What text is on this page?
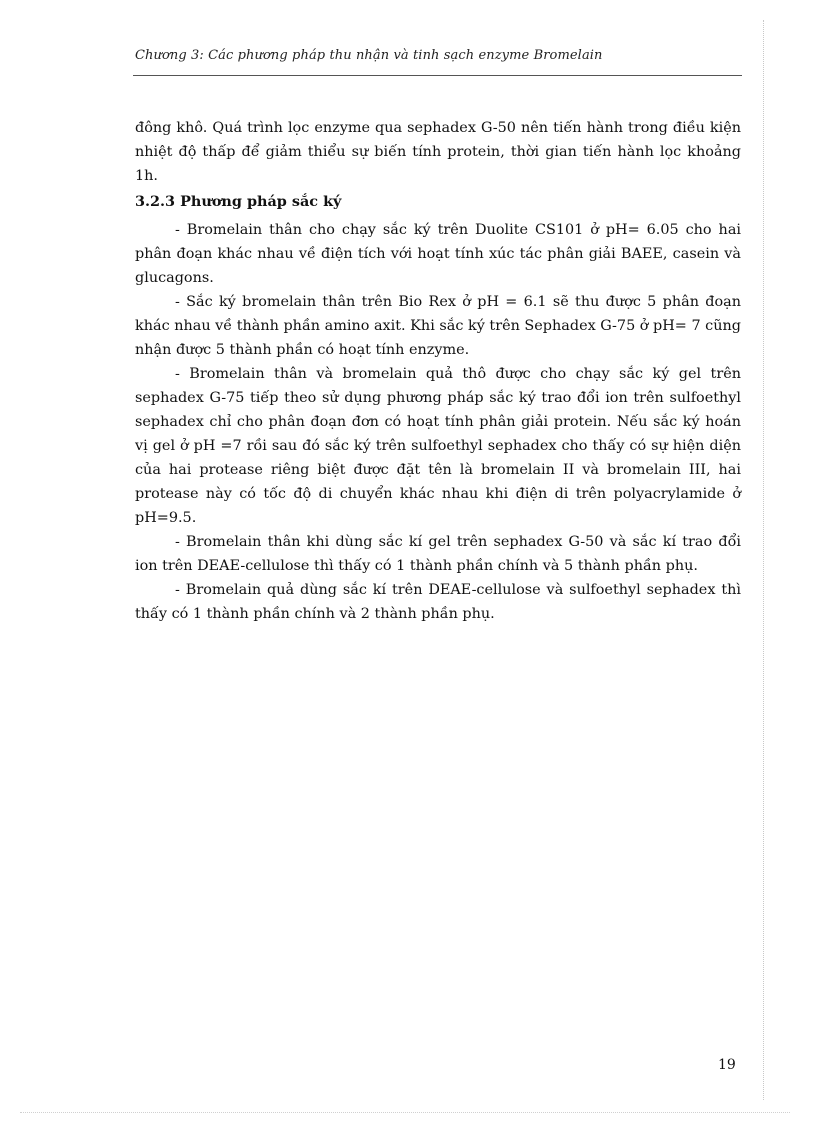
Chương 3: Các phương pháp thu nhận và tinh sạch enzyme Bromelain

đông khô. Quá trình lọc enzyme qua sephadex G-50 nên tiến hành trong điều kiện nhiệt độ thấp để giảm thiểu sự biến tính protein, thời gian tiến hành lọc khoảng 1h.

3.2.3 Phương pháp sắc ký

- Bromelain thân cho chạy sắc ký trên Duolite CS101 ở pH= 6.05 cho hai phân đoạn khác nhau về điện tích với hoạt tính xúc tác phân giải BAEE, casein và glucagons.

- Sắc ký bromelain thân trên Bio Rex ở pH = 6.1 sẽ thu được 5 phân đoạn khác nhau về thành phần amino axit. Khi sắc ký trên Sephadex G-75 ở pH= 7 cũng nhận được 5 thành phần có hoạt tính enzyme.

- Bromelain thân và bromelain quả thô được cho chạy sắc ký gel trên sephadex G-75 tiếp theo sử dụng phương pháp sắc ký trao đổi ion trên sulfoethyl sephadex chỉ cho phân đoạn đơn có hoạt tính phân giải protein. Nếu sắc ký hoán vị gel ở pH =7 rồi sau đó sắc ký trên sulfoethyl sephadex cho thấy có sự hiện diện của hai protease riêng biệt được đặt tên là bromelain II và bromelain III, hai protease này có tốc độ di chuyển khác nhau khi điện di trên polyacrylamide ở pH=9.5.

- Bromelain thân khi dùng sắc kí gel trên sephadex G-50 và sắc kí trao đổi ion trên DEAE-cellulose thì thấy có 1 thành phần chính và 5 thành phần phụ.

- Bromelain quả dùng sắc kí trên DEAE-cellulose và sulfoethyl sephadex thì thấy có 1 thành phần chính và 2 thành phần phụ.

19
